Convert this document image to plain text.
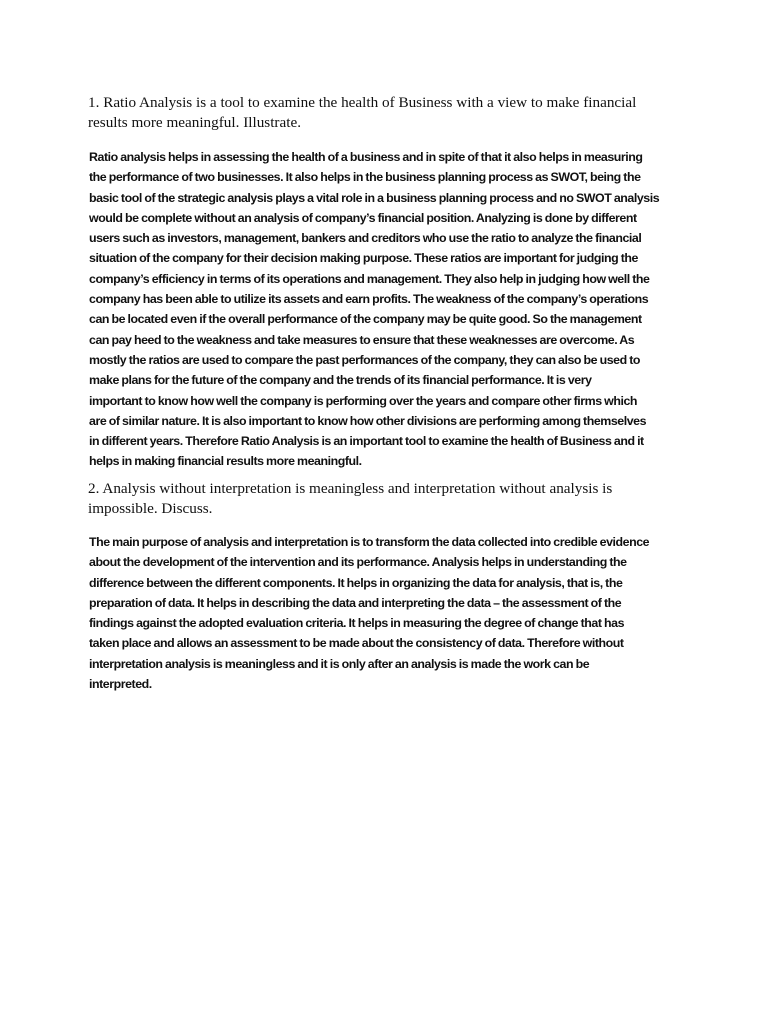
1. Ratio Analysis is a tool to examine the health of Business with a view to make financial
results more meaningful. Illustrate.
Ratio analysis helps in assessing the health of a business and in spite of that it also helps in measuring
the performance of two businesses. It also helps in the business planning process as SWOT, being the
basic tool of the strategic analysis plays a vital role in a business planning process and no SWOT analysis
would be complete without an analysis of company’s financial position. Analyzing is done by different
users such as investors, management, bankers and creditors who use the ratio to analyze the financial
situation of the company for their decision making purpose. These ratios are important for judging the
company’s efficiency in terms of its operations and management. They also help in judging how well the
company has been able to utilize its assets and earn profits. The weakness of the company’s operations
can be located even if the overall performance of the company may be quite good. So the management
can pay heed to the weakness and take measures to ensure that these weaknesses are overcome. As
mostly the ratios are used to compare the past performances of the company, they can also be used to
make plans for the future of the company and the trends of its financial performance. It is very
important to know how well the company is performing over the years and compare other firms which
are of similar nature. It is also important to know how other divisions are performing among themselves
in different years. Therefore Ratio Analysis is an important tool to examine the health of Business and it
helps in making financial results more meaningful.
2. Analysis without interpretation is meaningless and interpretation without analysis is
impossible. Discuss.
The main purpose of analysis and interpretation is to transform the data collected into credible evidence
about the development of the intervention and its performance. Analysis helps in understanding the
difference between the different components. It helps in organizing the data for analysis, that is, the
preparation of data. It helps in describing the data and interpreting the data – the assessment of the
findings against the adopted evaluation criteria. It helps in measuring the degree of change that has
taken place and allows an assessment to be made about the consistency of data. Therefore without
interpretation analysis is meaningless and it is only after an analysis is made the work can be
interpreted.
